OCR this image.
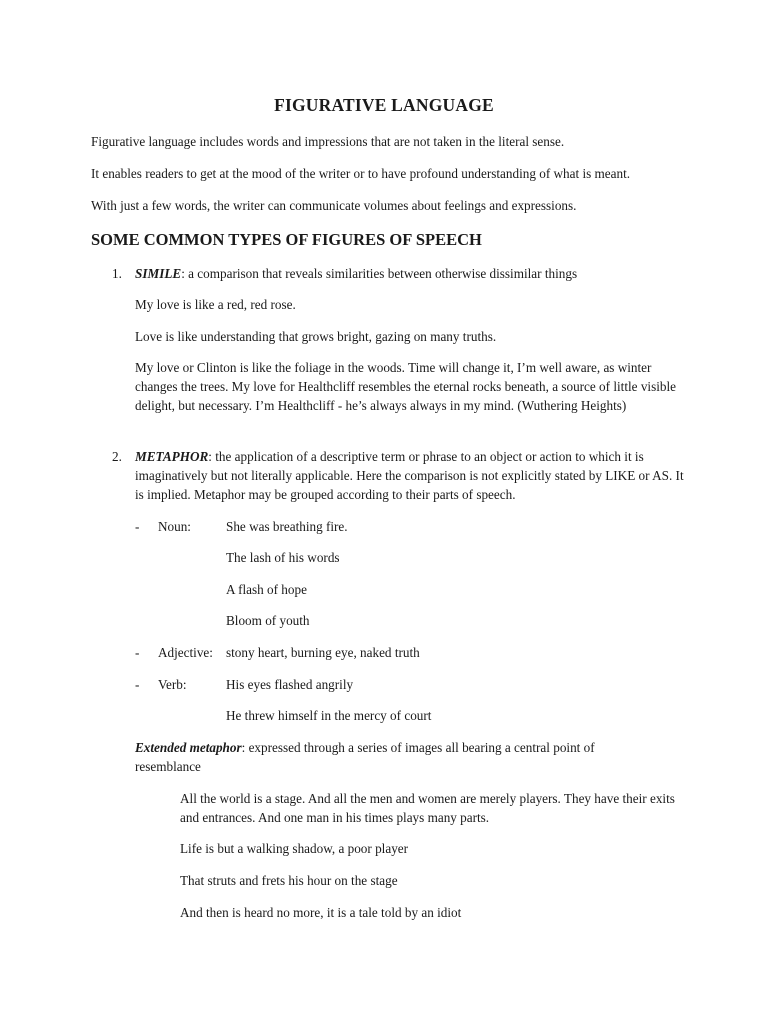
FIGURATIVE LANGUAGE
Figurative language includes words and impressions that are not taken in the literal sense.
It enables readers to get at the mood of the writer or to have profound understanding of what is meant.
With just a few words, the writer can communicate volumes about feelings and expressions.
SOME COMMON TYPES OF FIGURES OF SPEECH
1. SIMILE: a comparison that reveals similarities between otherwise dissimilar things
My love is like a red, red rose.
Love is like understanding that grows bright, gazing on many truths.
My love or Clinton is like the foliage in the woods. Time will change it, I’m well aware, as winter changes the trees. My love for Healthcliff resembles the eternal rocks beneath, a source of little visible delight, but necessary. I’m Healthcliff - he’s always always in my mind. (Wuthering Heights)
2. METAPHOR: the application of a descriptive term or phrase to an object or action to which it is imaginatively but not literally applicable. Here the comparison is not explicitly stated by LIKE or AS. It is implied. Metaphor may be grouped according to their parts of speech.
- Noun:	She was breathing fire.
The lash of his words
A flash of hope
Bloom of youth
- Adjective: stony heart, burning eye, naked truth
- Verb:	His eyes flashed angrily
He threw himself in the mercy of court
Extended metaphor: expressed through a series of images all bearing a central point of resemblance
All the world is a stage. And all the men and women are merely players. They have their exits and entrances. And one man in his times plays many parts.
Life is but a walking shadow, a poor player
That struts and frets his hour on the stage
And then is heard no more, it is a tale told by an idiot
